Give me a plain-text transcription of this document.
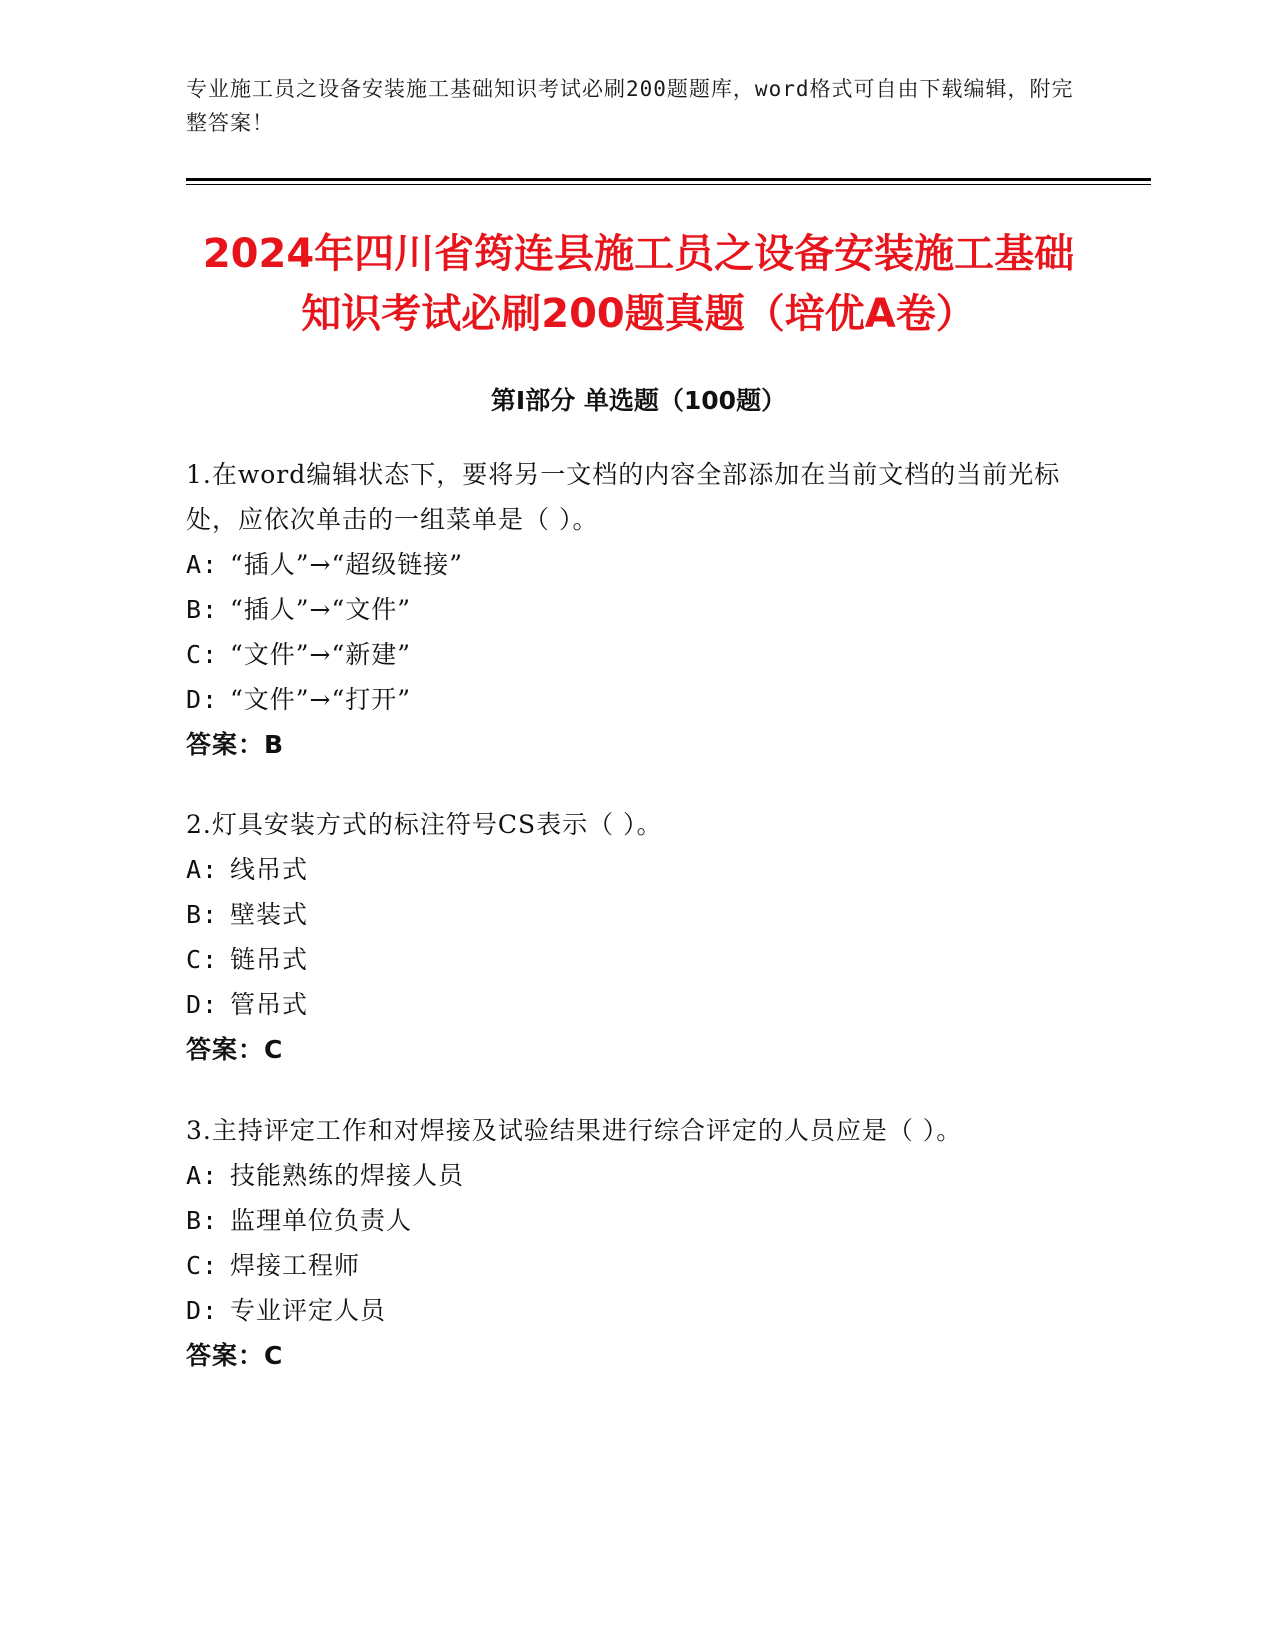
专业施工员之设备安装施工基础知识考试必刷200题题库，word格式可自由下载编辑，附完整答案！
2024年四川省筠连县施工员之设备安装施工基础知识考试必刷200题真题（培优A卷）
第Ⅰ部分 单选题（100题）
1.在word编辑状态下，要将另一文档的内容全部添加在当前文档的当前光标处，应依次单击的一组菜单是（ ）。
A: “插人”→“超级链接”
B: “插人”→“文件”
C: “文件”→“新建”
D: “文件”→“打开”
答案：B
2.灯具安装方式的标注符号CS表示（ ）。
A: 线吊式
B: 壁装式
C: 链吊式
D: 管吊式
答案：C
3.主持评定工作和对焊接及试验结果进行综合评定的人员应是（ ）。
A: 技能熟练的焊接人员
B: 监理单位负责人
C: 焊接工程师
D: 专业评定人员
答案：C
